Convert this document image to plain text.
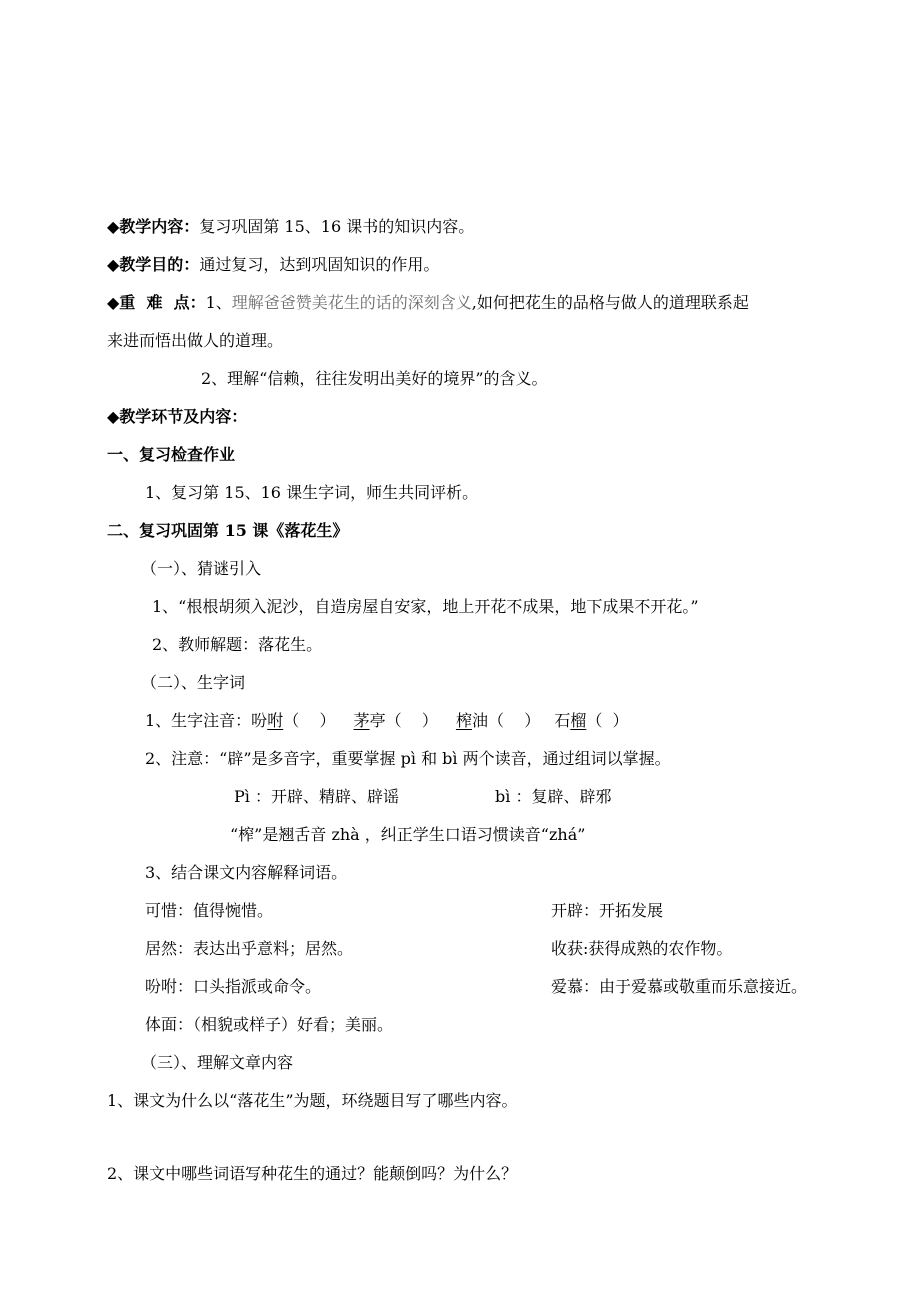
◆教学内容：复习巩固第 15、16 课书的知识内容。
◆教学目的：通过复习，达到巩固知识的作用。
◆重  难  点：1、理解爸爸赞美花生的话的深刻含义,如何把花生的品格与做人的道理联系起
来进而悟出做人的道理。
2、理解“信赖，往往发明出美好的境界”的含义。
◆教学环节及内容：
一、复习检查作业
1、复习第 15、16 课生字词，师生共同评析。
二、复习巩固第 15 课《落花生》
（一）、猜谜引入
1、“根根胡须入泥沙，自造房屋自安家，地上开花不成果，地下成果不开花。”
2、教师解题：落花生。
（二）、生字词
1、生字注音：吩咐（    ） 茅亭（    ） 榨油（    ） 石榴（  ）
2、注意：“辟”是多音字，重要掌握 pì 和 bì 两个读音，通过组词以掌握。
Pì ：开辟、精辟、辟谣	bì ：复辟、辟邪
“榨”是翘舌音 zhà ，纠正学生口语习惯读音“zhá”
3、结合课文内容解释词语。
可惜：值得惋惜。	开辟：开拓发展
居然：表达出乎意料；居然。	收获:获得成熟的农作物。
吩咐：口头指派或命令。	爱慕：由于爱慕或敬重而乐意接近。
体面：（相貌或样子）好看；美丽。
（三）、理解文章内容
1、课文为什么以“落花生”为题，环绕题目写了哪些内容。
2、课文中哪些词语写种花生的通过？能颠倒吗？为什么？
